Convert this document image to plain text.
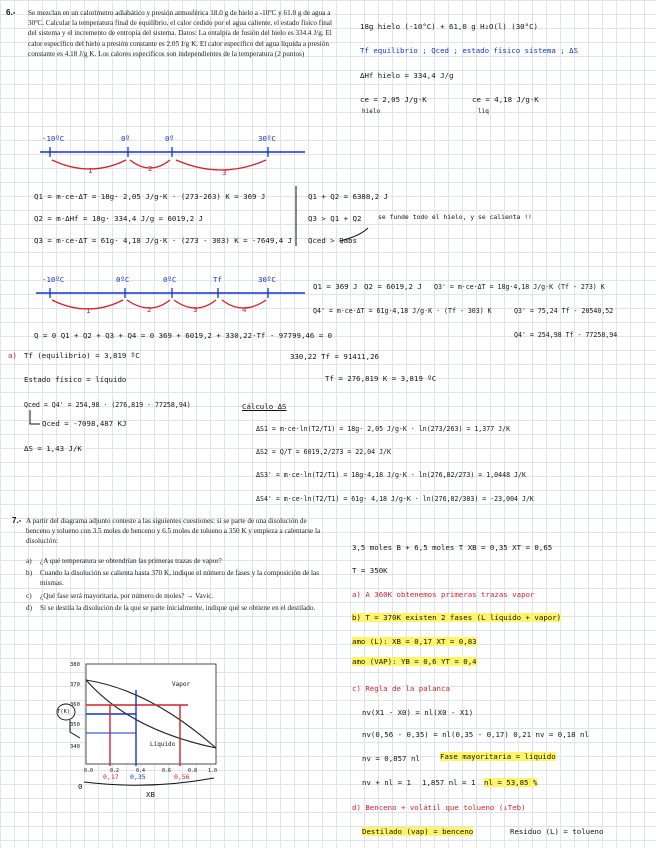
6.- Se mezclan en un calorímetro adiabático y presión atmosférica 18.0 g de hielo a -10ºC y 61.0 g de agua a 30ºC. Calcular la temperatura final de equilibrio, el calor cedido por el agua caliente, el estado físico final del sistema y el incremento de entropía del sistema. Datos: La entalpía de fusión del hielo es 334.4 J/g. El calor específico del hielo a presión constante es 2.05 J/g K. El calor específico del agua líquida a presión constante es 4.18 J/g K. Los calores específicos son independientes de la temperatura (2 puntos)
18g hielo (-10°C) + 61,0 g H₂O(l) (30°C)
Tf equilibrio ; Qced ; estado físico sistema ; ΔS
ΔHf hielo = 334,4 J/g
ce = 2,05 J/g·K
hielo
ce = 4,18 J/g·K
liq
-10ºC	0º	0º	30ºC
1	2	3
Q1 = m·ce·ΔT = 18g· 2,05 J/g·K · (273-263) K = 369 J
Q2 = m·ΔHf = 18g· 334,4 J/g = 6019,2 J
Q3 = m·ce·ΔT = 61g· 4,18 J/g·K · (273 - 303) K = -7649,4 J
Q1 + Q2 = 6388,2 J
Q3 > Q1 + Q2	se funde todo el hielo, y se calienta !!
Qced > Qabs
-10ºC	0ºC	0ºC	Tf	30ºC
1	2	3	4
Q1 = 369 J Q2 = 6019,2 J Q3' = m·ce·ΔT = 18g·4,18 J/g·K (Tf - 273) K
Q4' = m·ce·ΔT = 61g·4,18 J/g·K · (Tf - 303) K	Q3' = 75,24 Tf - 20540,52
Q4' = 254,98 Tf - 77258,94
Q = 0 Q1 + Q2 + Q3 + Q4 = 0 369 + 6019,2 + 330,22·Tf - 97799,46 = 0
330,22 Tf = 91411,26
Tf = 276,819 K = 3,819 ºC
a) Tf (equilibrio) = 3,819 ºC
Estado físico = líquido
Qced = Q4' = 254,98 · (276,819 - 77258,94)
Qced = -7098,487 KJ
ΔS = 1,43 J/K
Cálculo ΔS
ΔS1 = m·ce·ln(T2/T1) = 18g· 2,05 J/g·K · ln(273/263) = 1,377 J/K
ΔS2 = Q/T = 6019,2/273 = 22,04 J/K
ΔS3' = m·ce·ln(T2/T1) = 18g·4,18 J/g·K · ln(276,82/273) = 1,0448 J/K
ΔS4' = m·ce·ln(T2/T1) = 61g· 4,18 J/g·K · ln(276,82/303) = -23,004 J/K
7.- A partir del diagrama adjunto conteste a las siguientes cuestiones: si se parte de una disolución de benceno y tolueno con 3.5 moles de benceno y 6.5 moles de tolueno a 350 K y empieza a calentarse la disolución:
a)	¿A qué temperatura se obtendrían las primeras trazas de vapor?
b)	Cuando la disolución se calienta hasta 370 K, indique el número de fases y la composición de las mismas.
c)	¿Qué fase será mayoritaria, por número de moles? → Vavic.
d)	Si se destila la disolución de la que se parte inicialmente, indique qué se obtiene en el destilado.
380
370
360
350
340
0.0	0.2	0.4	0.6	0.8 1.0
Vapor
Líquido
T(K)
0,17 0,35	0,56
XB
0
3,5 moles B + 6,5 moles T XB = 0,35 XT = 0,65
T = 350K
a) A 360K obtenemos primeras trazas vapor
b) T = 370K existen 2 fases (L líquido + vapor)
amo (L): XB = 0,17 XT = 0,83
amo (VAP): YB = 0,6 YT = 0,4
c) Regla de la palanca
nv(X1 - X0) = nl(X0 - X1)
nv(0,56 - 0,35) = nl(0,35 - 0,17) 0,21 nv = 0,18 nl
nv = 0,857 nl	Fase mayoritaria = líquido
nv + nl = 1 1,857 nl = 1 nl = 53,85 %
d) Benceno + volátil que tolueno (↓Teb)
Destilado (vap) = benceno	Residuo (L) = tolueno
